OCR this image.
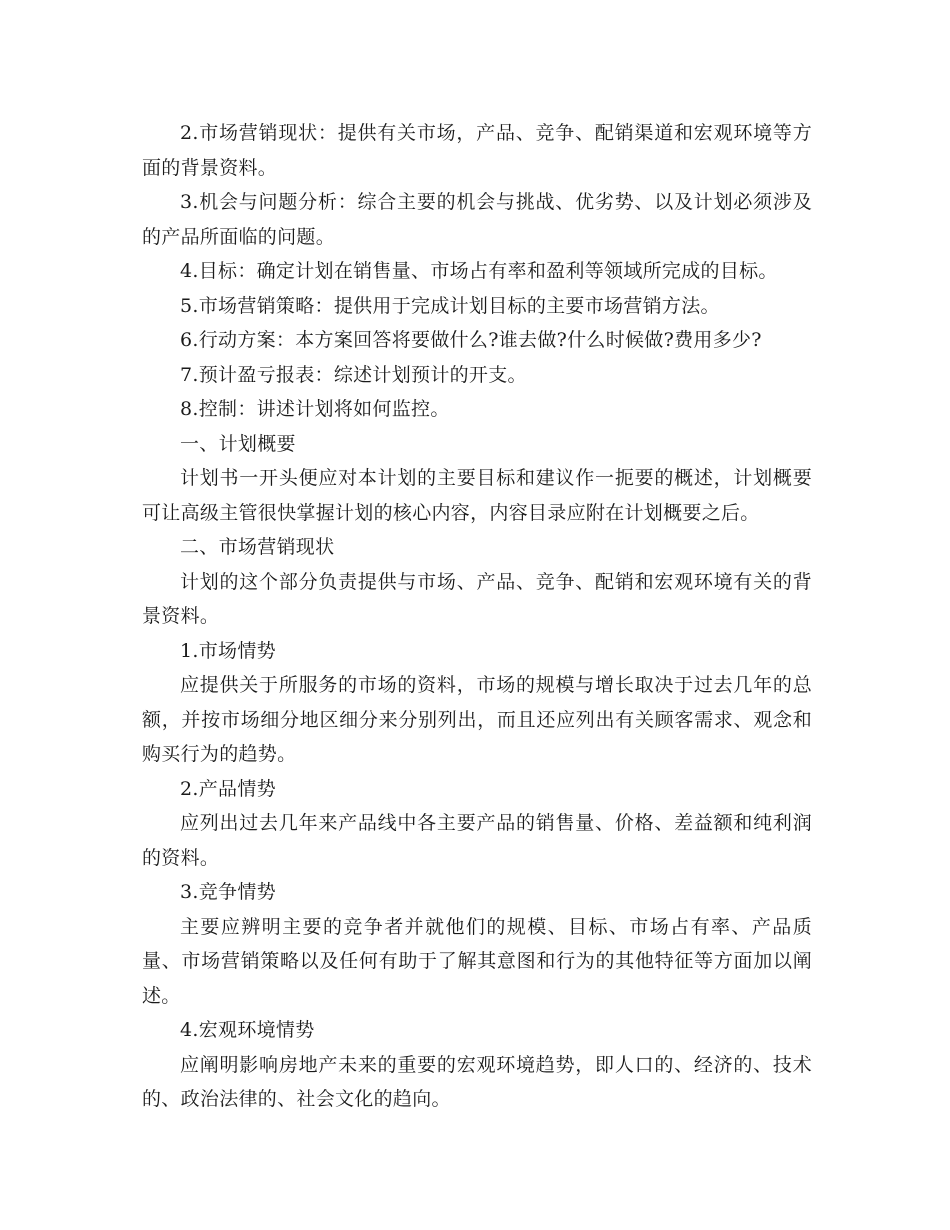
2.市场营销现状：提供有关市场，产品、竞争、配销渠道和宏观环境等方面的背景资料。

3.机会与问题分析：综合主要的机会与挑战、优劣势、以及计划必须涉及的产品所面临的问题。

4.目标：确定计划在销售量、市场占有率和盈利等领域所完成的目标。

5.市场营销策略：提供用于完成计划目标的主要市场营销方法。

6.行动方案：本方案回答将要做什么?谁去做?什么时候做?费用多少?

7.预计盈亏报表：综述计划预计的开支。

8.控制：讲述计划将如何监控。

一、计划概要

计划书一开头便应对本计划的主要目标和建议作一扼要的概述，计划概要可让高级主管很快掌握计划的核心内容，内容目录应附在计划概要之后。

二、市场营销现状

计划的这个部分负责提供与市场、产品、竞争、配销和宏观环境有关的背景资料。

1.市场情势

应提供关于所服务的市场的资料，市场的规模与增长取决于过去几年的总额，并按市场细分地区细分来分别列出，而且还应列出有关顾客需求、观念和购买行为的趋势。

2.产品情势

应列出过去几年来产品线中各主要产品的销售量、价格、差益额和纯利润的资料。

3.竞争情势

主要应辨明主要的竞争者并就他们的规模、目标、市场占有率、产品质量、市场营销策略以及任何有助于了解其意图和行为的其他特征等方面加以阐述。

4.宏观环境情势

应阐明影响房地产未来的重要的宏观环境趋势，即人口的、经济的、技术的、政治法律的、社会文化的趋向。
